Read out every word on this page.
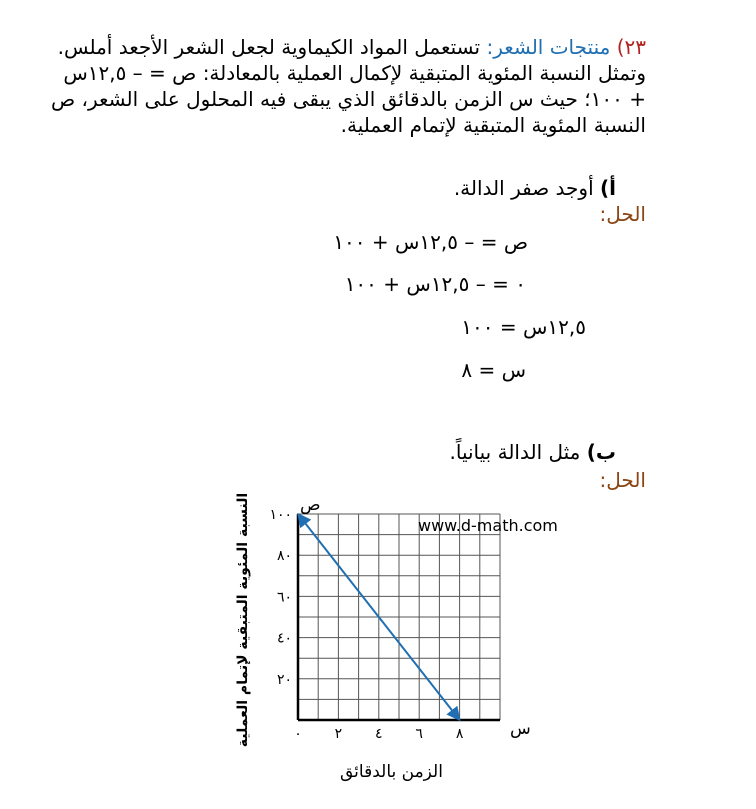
٢٣) منتجات الشعر: تستعمل المواد الكيماوية لجعل الشعر الأجعد أملس. وتمثل النسبة المئوية المتبقية لإكمال العملية بالمعادلة: ص = – ١٢,٥س + ١٠٠؛ حيث س الزمن بالدقائق الذي يبقى فيه المحلول على الشعر، ص النسبة المئوية المتبقية لإتمام العملية.
أ) أوجد صفر الدالة.
الحل:
ص = – ١٢,٥س + ١٠٠
٠ = – ١٢,٥س + ١٠٠
١٢,٥س = ١٠٠
س = ٨
ب) مثل الدالة بيانياً.
الحل:
س
ص
٠ ٢ ٤ ٦ ٨
٢٠
٤٠
٦٠
٨٠
١٠٠
www.d-math.com
الزمن بالدقائق
النسبة المئوية المتبقية لإتمام العملية
